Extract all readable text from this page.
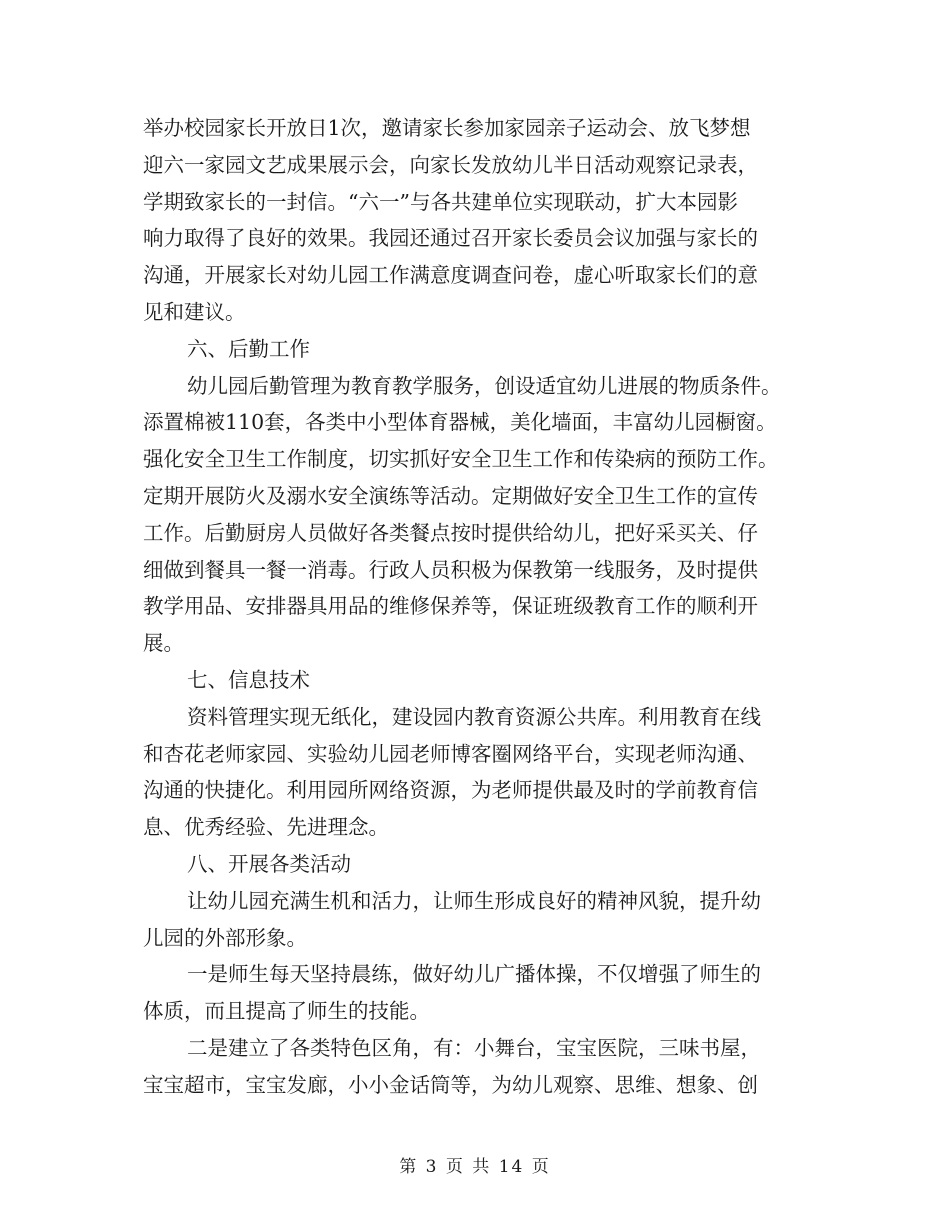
举办校园家长开放日1次，邀请家长参加家园亲子运动会、放飞梦想
迎六一家园文艺成果展示会，向家长发放幼儿半日活动观察记录表，
学期致家长的一封信。“六一”与各共建单位实现联动，扩大本园影
响力取得了良好的效果。我园还通过召开家长委员会议加强与家长的
沟通，开展家长对幼儿园工作满意度调查问卷，虚心听取家长们的意
见和建议。
六、后勤工作
幼儿园后勤管理为教育教学服务，创设适宜幼儿进展的物质条件。
添置棉被110套，各类中小型体育器械，美化墙面，丰富幼儿园橱窗。
强化安全卫生工作制度，切实抓好安全卫生工作和传染病的预防工作。
定期开展防火及溺水安全演练等活动。定期做好安全卫生工作的宣传
工作。后勤厨房人员做好各类餐点按时提供给幼儿，把好采买关、仔
细做到餐具一餐一消毒。行政人员积极为保教第一线服务，及时提供
教学用品、安排器具用品的维修保养等，保证班级教育工作的顺利开
展。
七、信息技术
资料管理实现无纸化，建设园内教育资源公共库。利用教育在线
和杏花老师家园、实验幼儿园老师博客圈网络平台，实现老师沟通、
沟通的快捷化。利用园所网络资源，为老师提供最及时的学前教育信
息、优秀经验、先进理念。
八、开展各类活动
让幼儿园充满生机和活力，让师生形成良好的精神风貌，提升幼
儿园的外部形象。
一是师生每天坚持晨练，做好幼儿广播体操，不仅增强了师生的
体质，而且提高了师生的技能。
二是建立了各类特色区角，有：小舞台，宝宝医院，三味书屋，
宝宝超市，宝宝发廊，小小金话筒等，为幼儿观察、思维、想象、创
第 3 页 共 14 页
